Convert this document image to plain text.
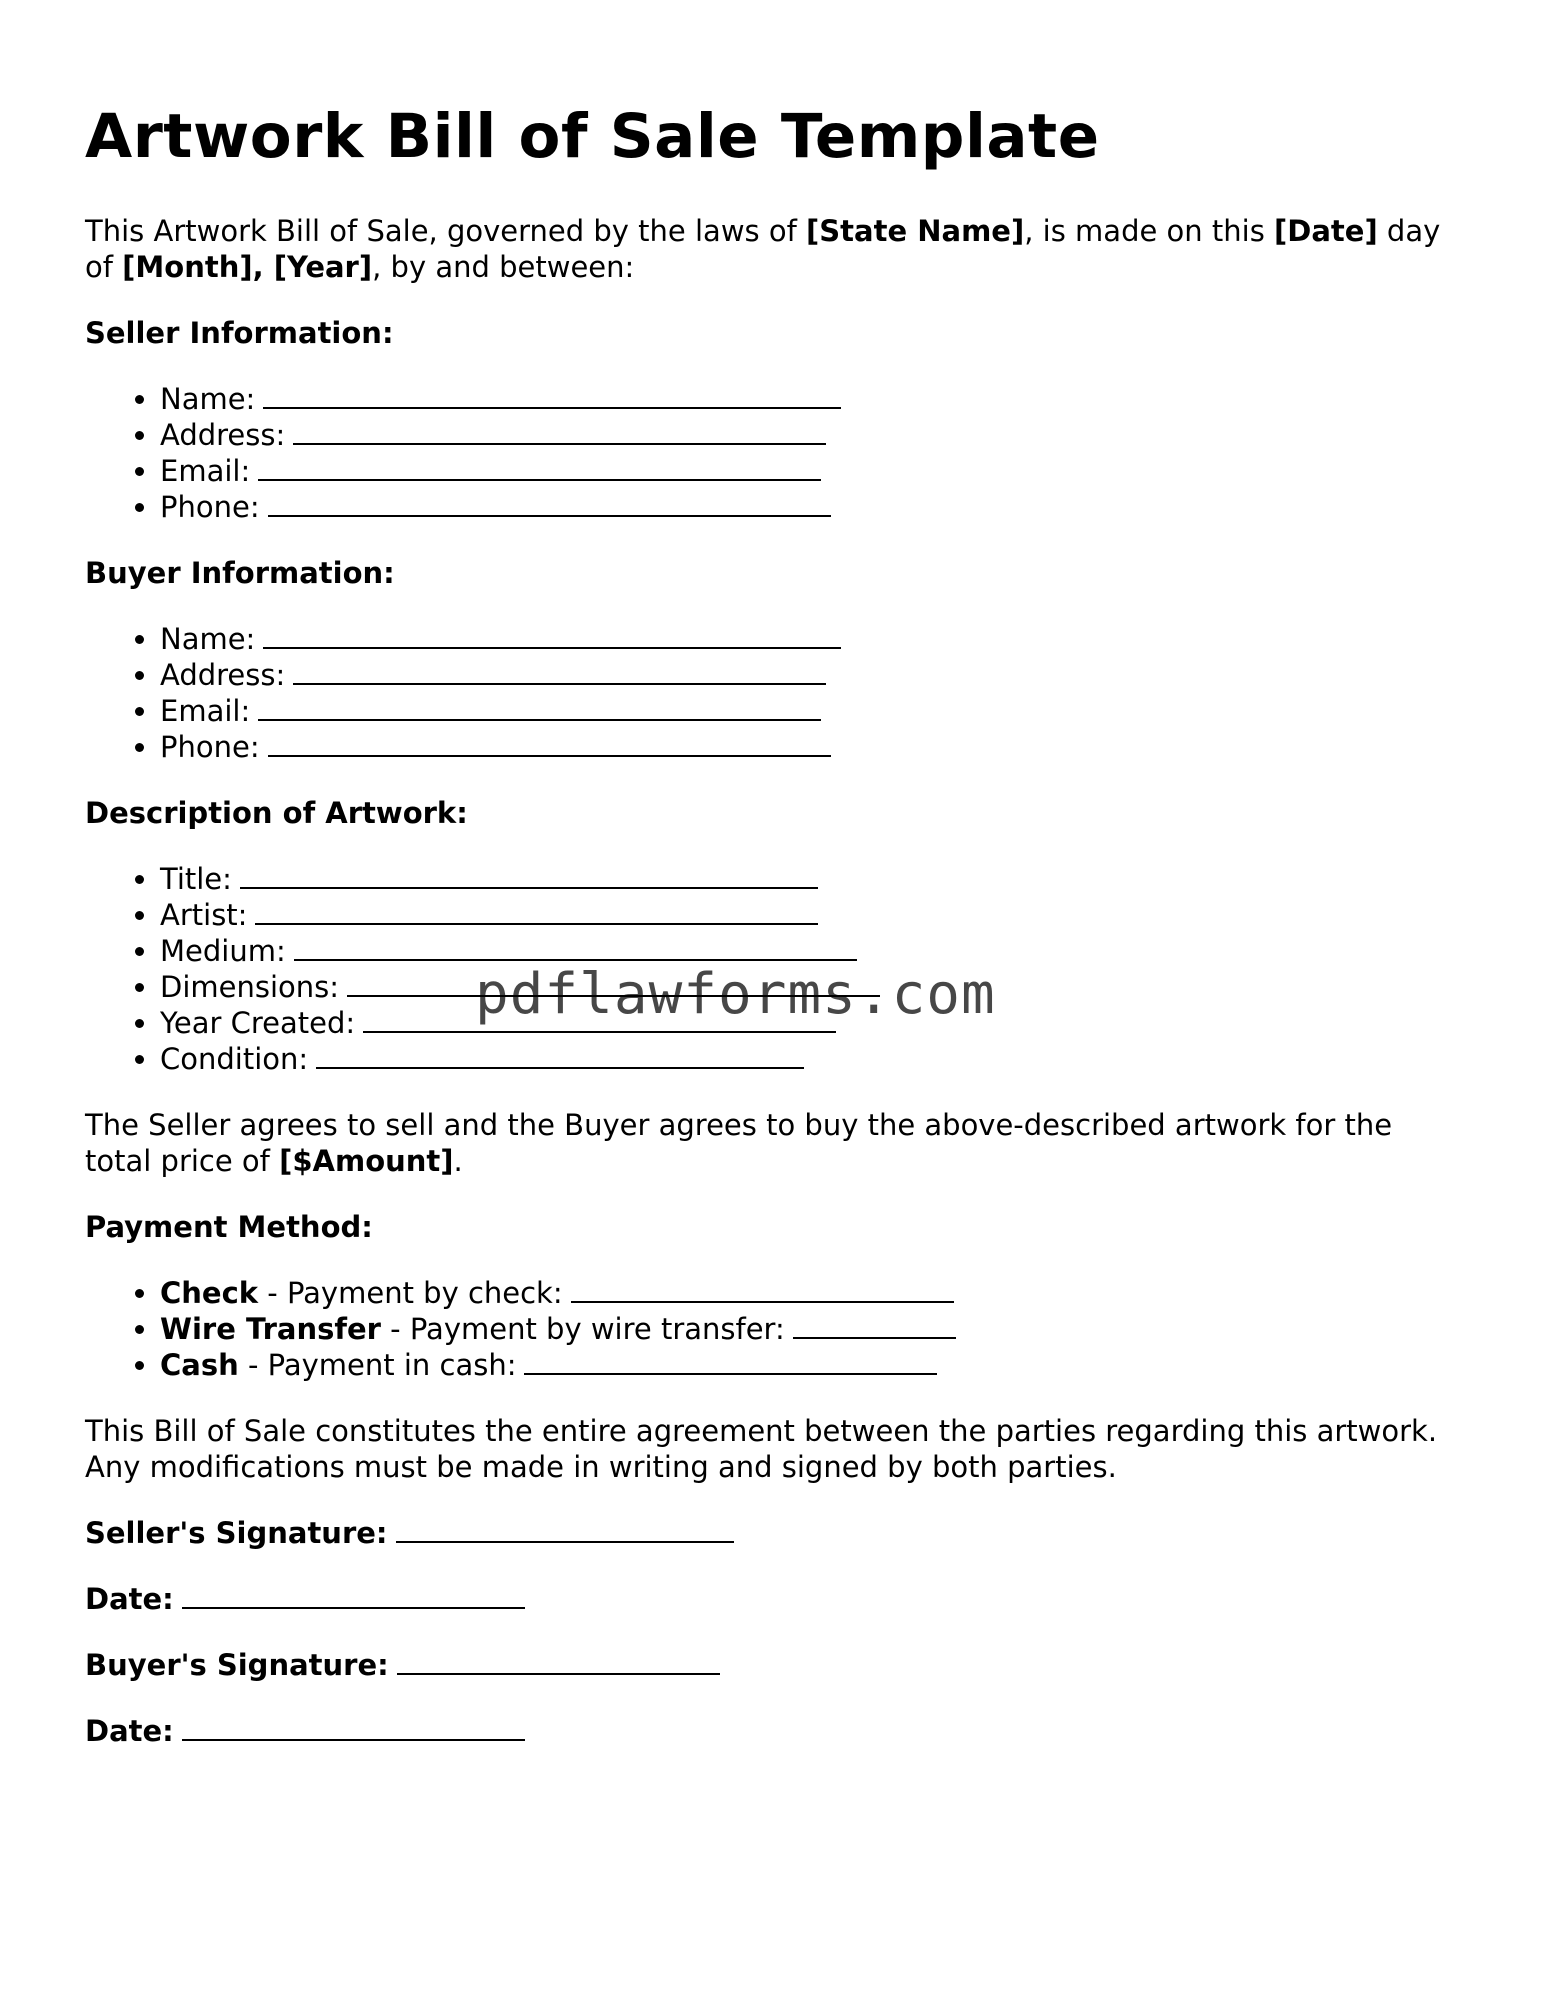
Artwork Bill of Sale Template

This Artwork Bill of Sale, governed by the laws of [State Name], is made on this [Date] day of [Month], [Year], by and between:

Seller Information:
• Name:
• Address:
• Email:
• Phone:
Buyer Information:
• Name:
• Address:
• Email:
• Phone:
Description of Artwork:
• Title:
• Artist:
• Medium:
• Dimensions:
• Year Created:
• Condition:

The Seller agrees to sell and the Buyer agrees to buy the above-described artwork for the total price of [$Amount].

Payment Method:
• Check - Payment by check:
• Wire Transfer - Payment by wire transfer:
• Cash - Payment in cash:

This Bill of Sale constitutes the entire agreement between the parties regarding this artwork. Any modifications must be made in writing and signed by both parties.

Seller's Signature:
Date:
Buyer's Signature:
Date:
pdflawforms.com
